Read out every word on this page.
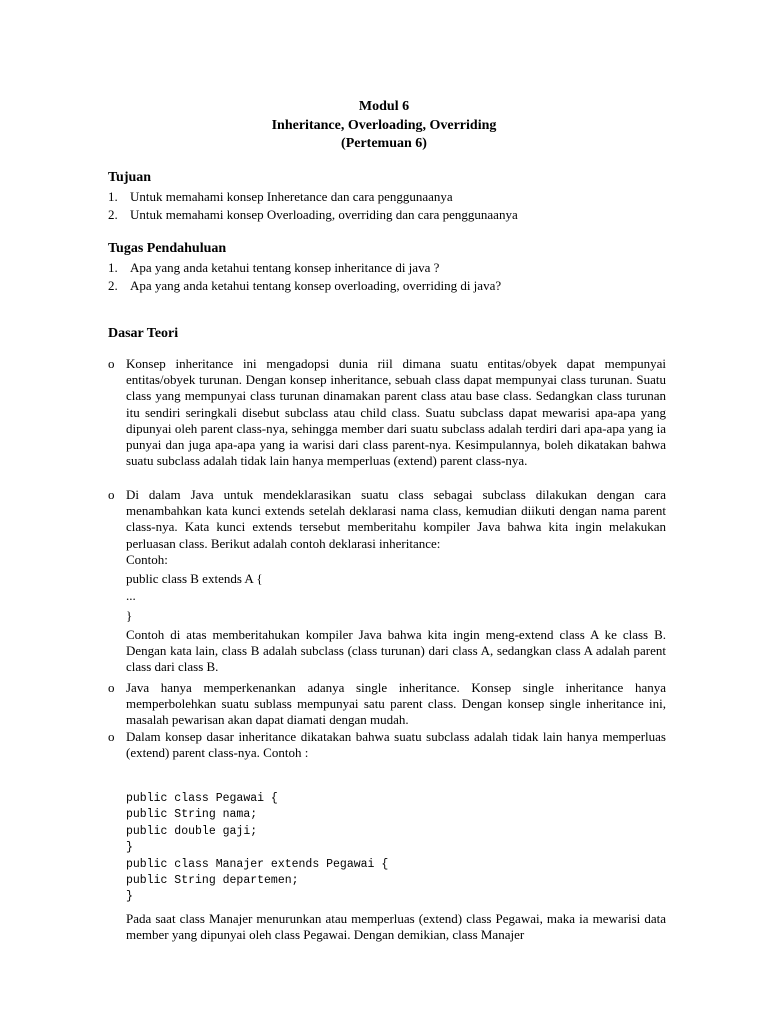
Modul 6
Inheritance, Overloading, Overriding
(Pertemuan 6)
Tujuan
1. Untuk memahami konsep Inheretance dan cara penggunaanya
2. Untuk memahami konsep Overloading, overriding dan cara penggunaanya
Tugas Pendahuluan
1. Apa yang anda ketahui tentang konsep inheritance di java ?
2. Apa yang anda ketahui tentang konsep overloading, overriding di java?
Dasar Teori
o Konsep inheritance ini mengadopsi dunia riil dimana suatu entitas/obyek dapat mempunyai entitas/obyek turunan. Dengan konsep inheritance, sebuah class dapat mempunyai class turunan. Suatu class yang mempunyai class turunan dinamakan parent class atau base class. Sedangkan class turunan itu sendiri seringkali disebut subclass atau child class. Suatu subclass dapat mewarisi apa-apa yang dipunyai oleh parent class-nya, sehingga member dari suatu subclass adalah terdiri dari apa-apa yang ia punyai dan juga apa-apa yang ia warisi dari class parent-nya. Kesimpulannya, boleh dikatakan bahwa suatu subclass adalah tidak lain hanya memperluas (extend) parent class-nya.
o Di dalam Java untuk mendeklarasikan suatu class sebagai subclass dilakukan dengan cara menambahkan kata kunci extends setelah deklarasi nama class, kemudian diikuti dengan nama parent class-nya. Kata kunci extends tersebut memberitahu kompiler Java bahwa kita ingin melakukan perluasan class. Berikut adalah contoh deklarasi inheritance:
Contoh:
public class B extends A {
...
}
Contoh di atas memberitahukan kompiler Java bahwa kita ingin meng-extend class A ke class B. Dengan kata lain, class B adalah subclass (class turunan) dari class A, sedangkan class A adalah parent class dari class B.
o Java hanya memperkenankan adanya single inheritance. Konsep single inheritance hanya memperbolehkan suatu sublass mempunyai satu parent class. Dengan konsep single inheritance ini, masalah pewarisan akan dapat diamati dengan mudah.
o Dalam konsep dasar inheritance dikatakan bahwa suatu subclass adalah tidak lain hanya memperluas (extend) parent class-nya. Contoh :
public class Pegawai {
public String nama;
public double gaji;
}
public class Manajer extends Pegawai {
public String departemen;
}
Pada saat class Manajer menurunkan atau memperluas (extend) class Pegawai, maka ia mewarisi data member yang dipunyai oleh class Pegawai. Dengan demikian, class Manajer
